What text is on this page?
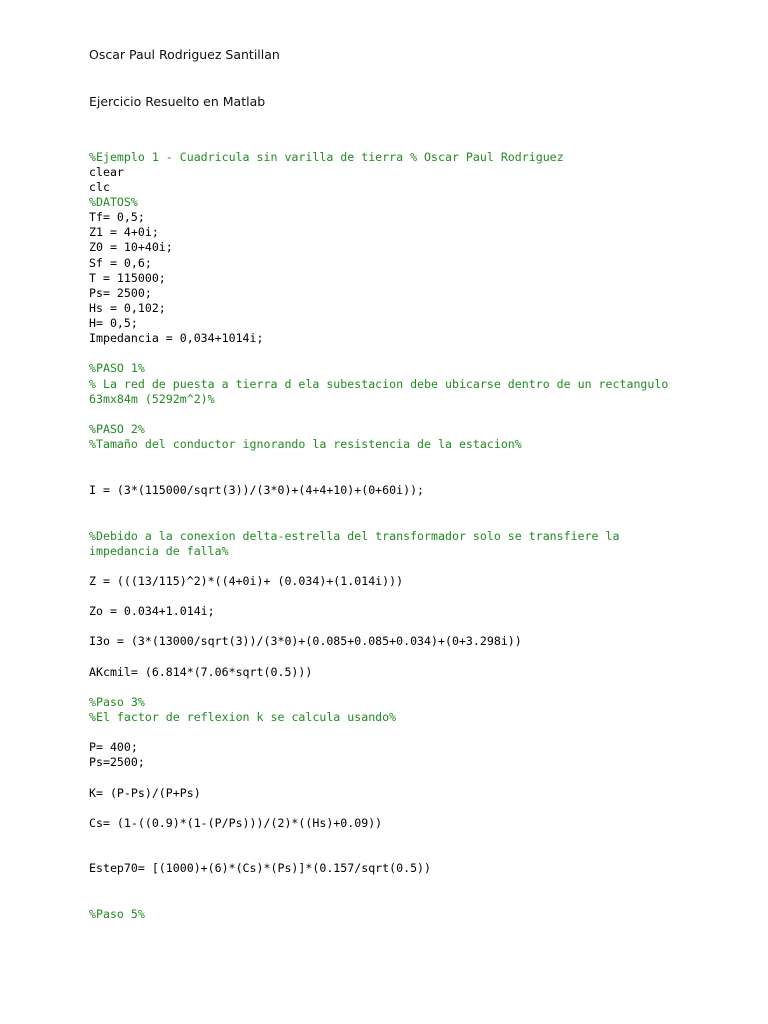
Oscar Paul Rodriguez Santillan
Ejercicio Resuelto en Matlab
%Ejemplo 1 - Cuadricula sin varilla de tierra % Oscar Paul Rodriguez
clear
clc
%DATOS%
Tf= 0,5;
Z1 = 4+0i;
Z0 = 10+40i;
Sf = 0,6;
T = 115000;
Ps= 2500;
Hs = 0,102;
H= 0,5;
Impedancia = 0,034+1014i;
%PASO 1%
% La red de puesta a tierra d ela subestacion debe ubicarse dentro de un rectangulo
63mx84m (5292m^2)%
%PASO 2%
%Tamaño del conductor ignorando la resistencia de la estacion%
I = (3*(115000/sqrt(3))/(3*0)+(4+4+10)+(0+60i));
%Debido a la conexion delta-estrella del transformador solo se transfiere la
impedancia de falla%
Z = (((13/115)^2)*((4+0i)+ (0.034)+(1.014i)))
Zo = 0.034+1.014i;
I3o = (3*(13000/sqrt(3))/(3*0)+(0.085+0.085+0.034)+(0+3.298i))
AKcmil= (6.814*(7.06*sqrt(0.5)))
%Paso 3%
%El factor de reflexion k se calcula usando%
P= 400;
Ps=2500;
K= (P-Ps)/(P+Ps)
Cs= (1-((0.9)*(1-(P/Ps)))/(2)*((Hs)+0.09))
Estep70= [(1000)+(6)*(Cs)*(Ps)]*(0.157/sqrt(0.5))
%Paso 5%
